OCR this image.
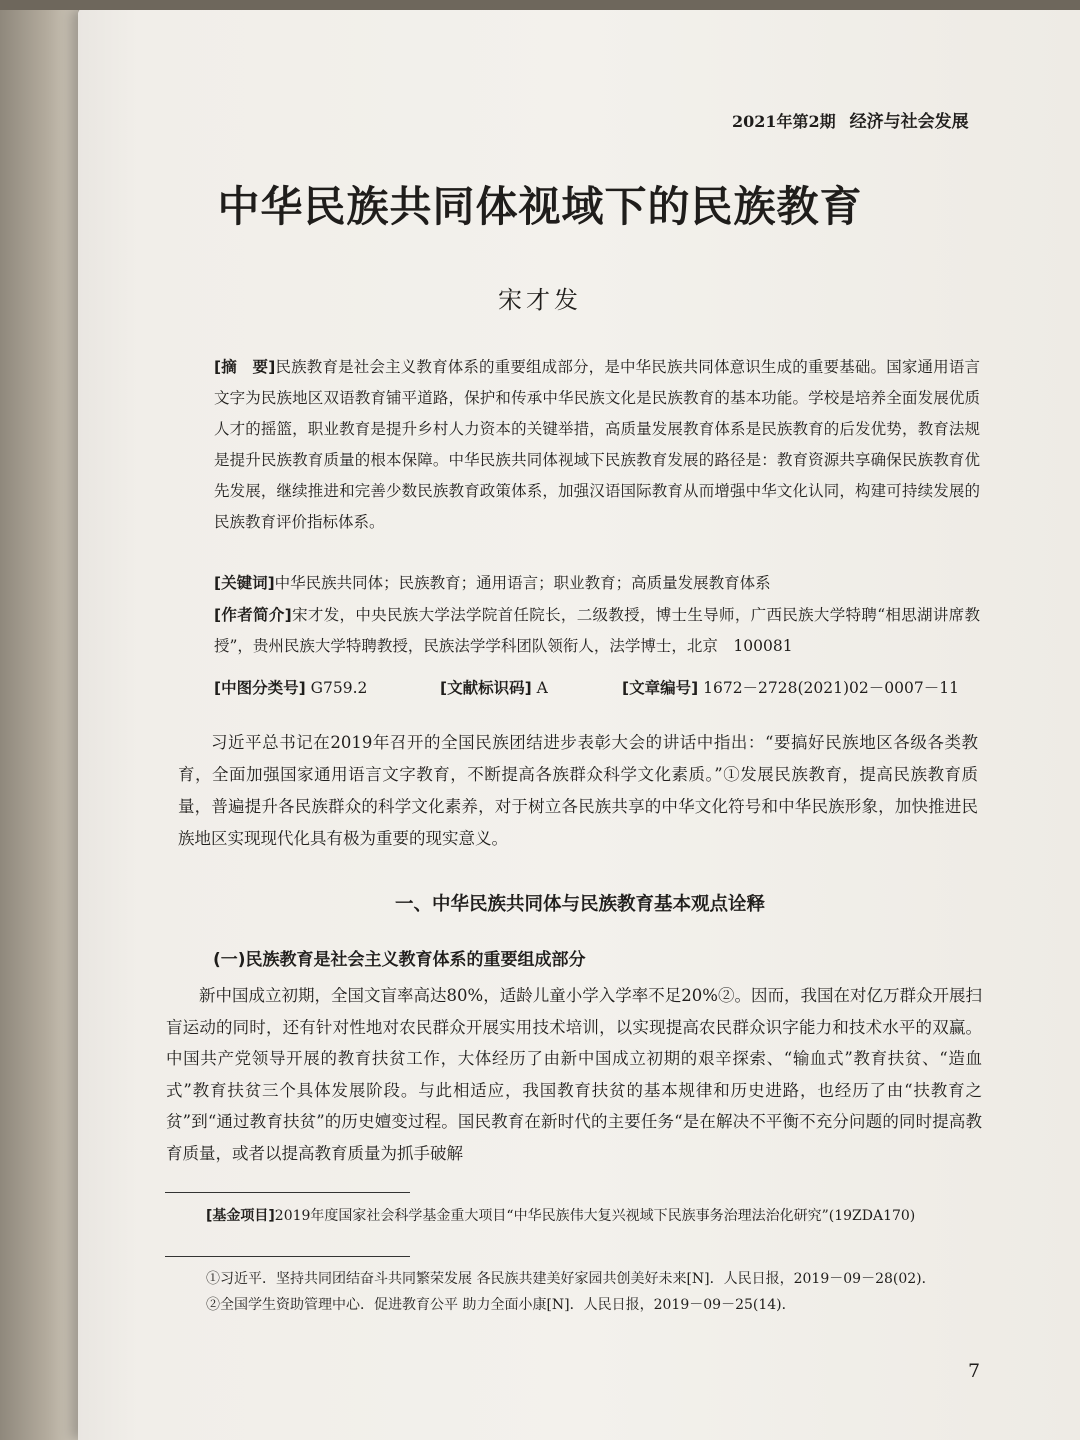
2021年第2期 经济与社会发展
中华民族共同体视域下的民族教育
宋才发
[摘　要]民族教育是社会主义教育体系的重要组成部分，是中华民族共同体意识生成的重要基础。国家通用语言文字为民族地区双语教育铺平道路，保护和传承中华民族文化是民族教育的基本功能。学校是培养全面发展优质人才的摇篮，职业教育是提升乡村人力资本的关键举措，高质量发展教育体系是民族教育的后发优势，教育法规是提升民族教育质量的根本保障。中华民族共同体视域下民族教育发展的路径是：教育资源共享确保民族教育优先发展，继续推进和完善少数民族教育政策体系，加强汉语国际教育从而增强中华文化认同，构建可持续发展的民族教育评价指标体系。
[关键词]中华民族共同体；民族教育；通用语言；职业教育；高质量发展教育体系
[作者简介]宋才发，中央民族大学法学院首任院长，二级教授，博士生导师，广西民族大学特聘“相思湖讲席教授”，贵州民族大学特聘教授，民族法学学科团队领衔人，法学博士，北京　100081
[中图分类号] G759.2	[文献标识码] A	[文章编号] 1672－2728(2021)02－0007－11
习近平总书记在2019年召开的全国民族团结进步表彰大会的讲话中指出：“要搞好民族地区各级各类教育，全面加强国家通用语言文字教育，不断提高各族群众科学文化素质。”①发展民族教育，提高民族教育质量，普遍提升各民族群众的科学文化素养，对于树立各民族共享的中华文化符号和中华民族形象，加快推进民族地区实现现代化具有极为重要的现实意义。
一、中华民族共同体与民族教育基本观点诠释
(一)民族教育是社会主义教育体系的重要组成部分
新中国成立初期，全国文盲率高达80%，适龄儿童小学入学率不足20%②。因而，我国在对亿万群众开展扫盲运动的同时，还有针对性地对农民群众开展实用技术培训，以实现提高农民群众识字能力和技术水平的双赢。中国共产党领导开展的教育扶贫工作，大体经历了由新中国成立初期的艰辛探索、“输血式”教育扶贫、“造血式”教育扶贫三个具体发展阶段。与此相适应，我国教育扶贫的基本规律和历史进路，也经历了由“扶教育之贫”到“通过教育扶贫”的历史嬗变过程。国民教育在新时代的主要任务“是在解决不平衡不充分问题的同时提高教育质量，或者以提高教育质量为抓手破解
[基金项目]2019年度国家社会科学基金重大项目“中华民族伟大复兴视域下民族事务治理法治化研究”(19ZDA170)
①习近平．坚持共同团结奋斗共同繁荣发展 各民族共建美好家园共创美好未来[N]．人民日报，2019－09－28(02)．
②全国学生资助管理中心．促进教育公平 助力全面小康[N]．人民日报，2019－09－25(14)．
7
